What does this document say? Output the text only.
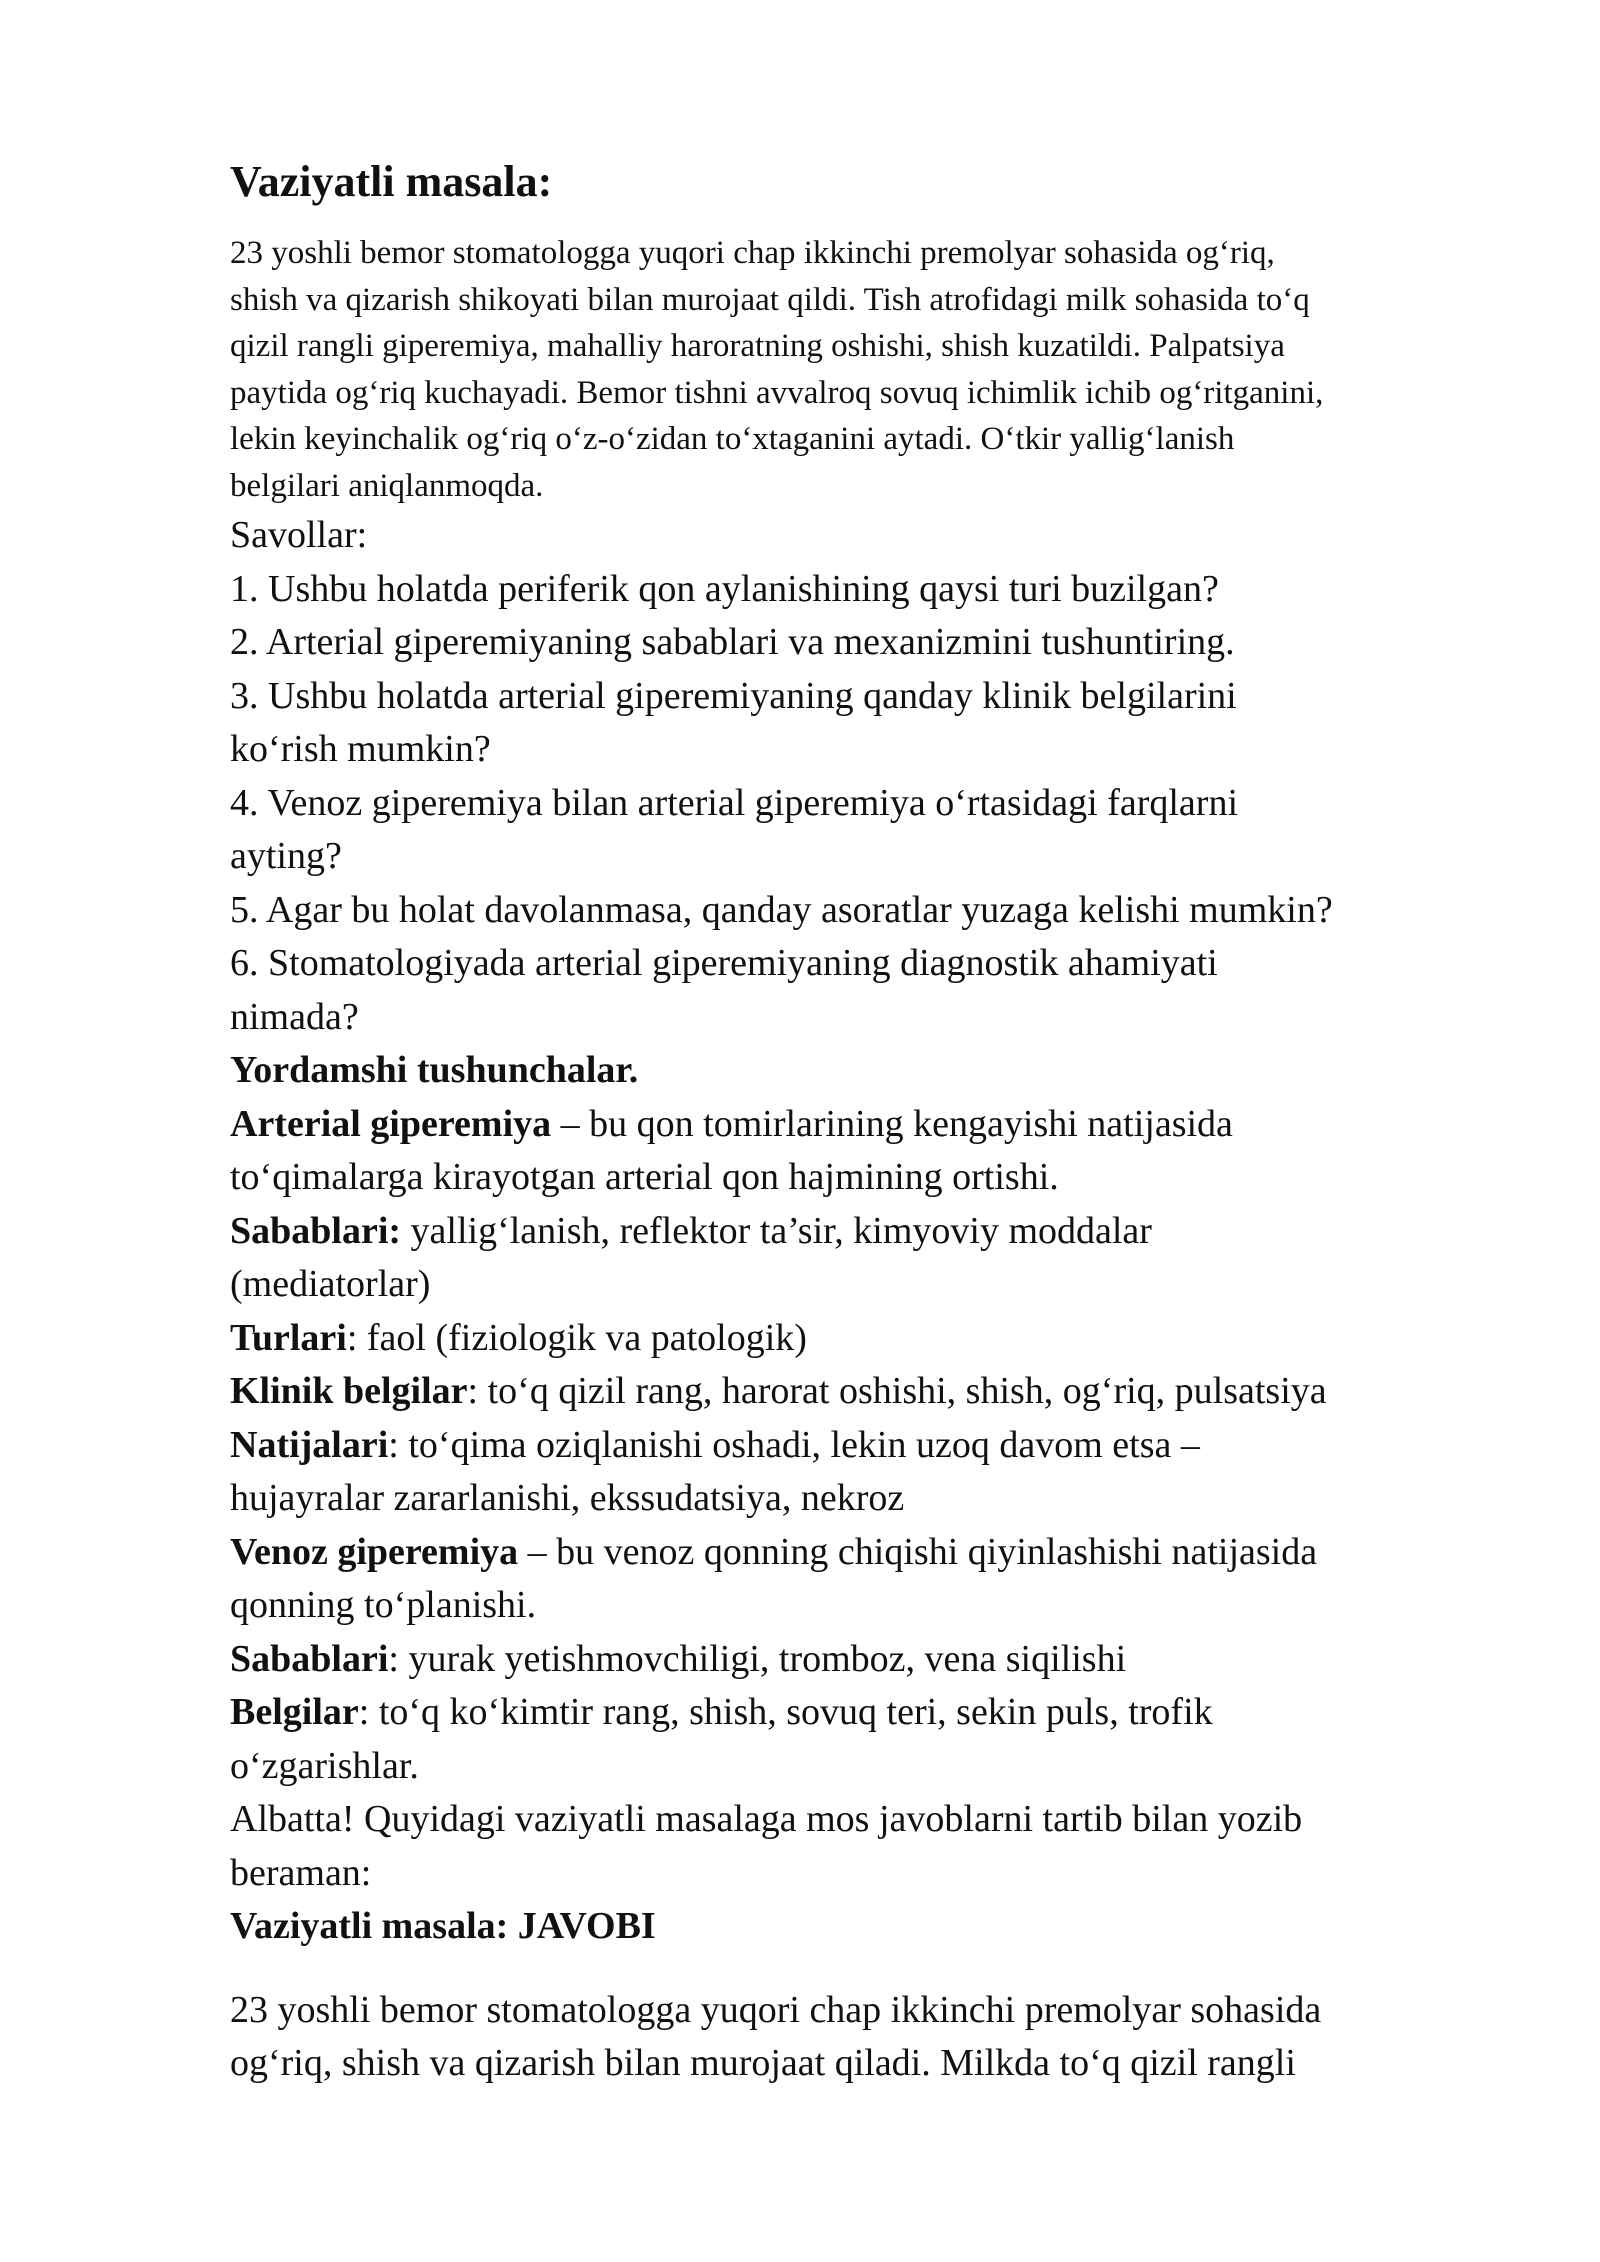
Vaziyatli masala:
23 yoshli bemor stomatologga yuqori chap ikkinchi premolyar sohasida og‘riq,
shish va qizarish shikoyati bilan murojaat qildi. Tish atrofidagi milk sohasida to‘q
qizil rangli giperemiya, mahalliy haroratning oshishi, shish kuzatildi. Palpatsiya
paytida og‘riq kuchayadi. Bemor tishni avvalroq sovuq ichimlik ichib og‘ritganini,
lekin keyinchalik og‘riq o‘z-o‘zidan to‘xtaganini aytadi. O‘tkir yallig‘lanish
belgilari aniqlanmoqda.
Savollar:
1. Ushbu holatda periferik qon aylanishining qaysi turi buzilgan?
2. Arterial giperemiyaning sabablari va mexanizmini tushuntiring.
3. Ushbu holatda arterial giperemiyaning qanday klinik belgilarini
ko‘rish mumkin?
4. Venoz giperemiya bilan arterial giperemiya o‘rtasidagi farqlarni
ayting?
5. Agar bu holat davolanmasa, qanday asoratlar yuzaga kelishi mumkin?
6. Stomatologiyada arterial giperemiyaning diagnostik ahamiyati
nimada?
Yordamshi tushunchalar.
Arterial giperemiya – bu qon tomirlarining kengayishi natijasida
to‘qimalarga kirayotgan arterial qon hajmining ortishi.
Sabablari: yallig‘lanish, reflektor ta’sir, kimyoviy moddalar
(mediatorlar)
Turlari: faol (fiziologik va patologik)
Klinik belgilar: to‘q qizil rang, harorat oshishi, shish, og‘riq, pulsatsiya
Natijalari: to‘qima oziqlanishi oshadi, lekin uzoq davom etsa –
hujayralar zararlanishi, ekssudatsiya, nekroz
Venoz giperemiya – bu venoz qonning chiqishi qiyinlashishi natijasida
qonning to‘planishi.
Sabablari: yurak yetishmovchiligi, tromboz, vena siqilishi
Belgilar: to‘q ko‘kimtir rang, shish, sovuq teri, sekin puls, trofik
o‘zgarishlar.
Albatta! Quyidagi vaziyatli masalaga mos javoblarni tartib bilan yozib
beraman:
Vaziyatli masala: JAVOBI
23 yoshli bemor stomatologga yuqori chap ikkinchi premolyar sohasida
og‘riq, shish va qizarish bilan murojaat qiladi. Milkda to‘q qizil rangli
